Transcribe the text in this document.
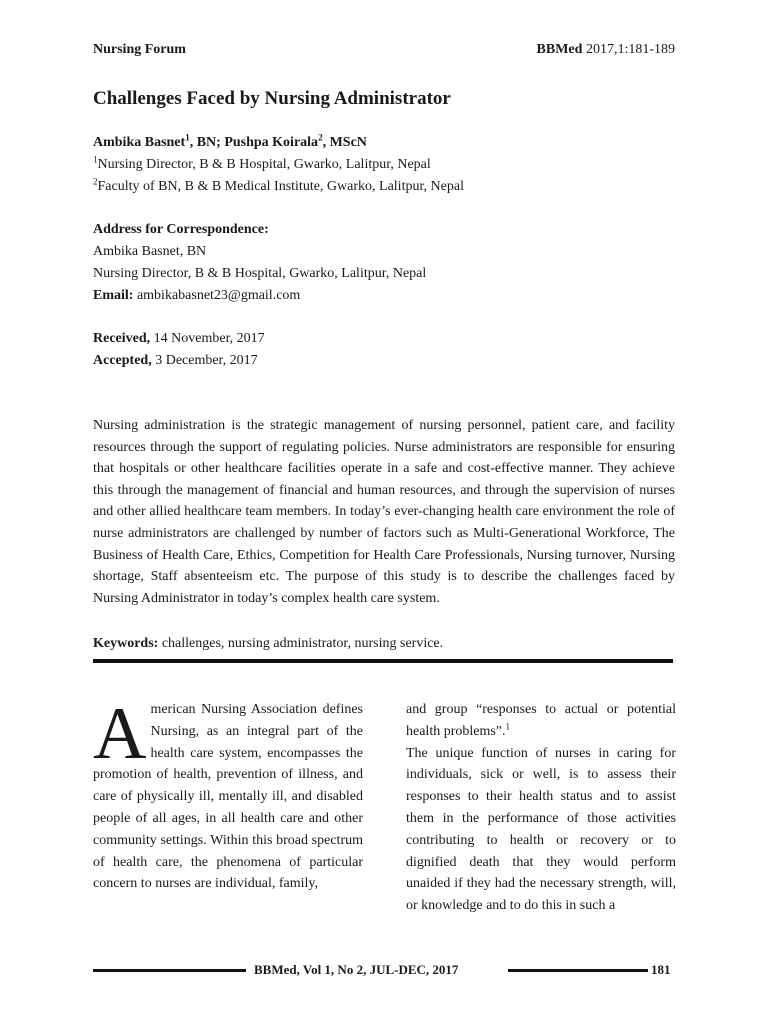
Nursing Forum	BBMed 2017,1:181-189
Challenges Faced by Nursing Administrator
Ambika Basnet$^1$, BN; Pushpa Koirala$^2$, MScN
$^1$Nursing Director, B & B Hospital, Gwarko, Lalitpur, Nepal
$^2$Faculty of BN, B & B Medical Institute, Gwarko, Lalitpur, Nepal
Address for Correspondence:
Ambika Basnet, BN
Nursing Director, B & B Hospital, Gwarko, Lalitpur, Nepal
Email: ambikabasnet23@gmail.com
Received, 14 November, 2017
Accepted, 3 December, 2017

Nursing administration is the strategic management of nursing personnel, patient care, and facility resources through the support of regulating policies. Nurse administrators are responsible for ensuring that hospitals or other healthcare facilities operate in a safe and cost-effective manner. They achieve this through the management of financial and human resources, and through the supervision of nurses and other allied healthcare team members. In today’s ever-changing health care environment the role of nurse administrators are challenged by number of factors such as Multi-Generational Workforce, The Business of Health Care, Ethics, Competition for Health Care Professionals, Nursing turnover, Nursing shortage, Staff absenteeism etc. The purpose of this study is to describe the challenges faced by Nursing Administrator in today’s complex health care system.

Keywords: challenges, nursing administrator, nursing service.
A merican Nursing Association defines Nursing, as an integral part of the health care system, encompasses the promotion of health, prevention of illness, and care of physically ill, mentally ill, and disabled people of all ages, in all health care and other community settings. Within this broad spectrum of health care, the phenomena of particular concern to nurses are individual, family,

and group “responses to actual or potential health problems”.$^1$

The unique function of nurses in caring for individuals, sick or well, is to assess their responses to their health status and to assist them in the performance of those activities contributing to health or recovery or to dignified death that they would perform unaided if they had the necessary strength, will, or knowledge and to do this in such a

BBMed, Vol 1, No 2, JUL-DEC, 2017	181
